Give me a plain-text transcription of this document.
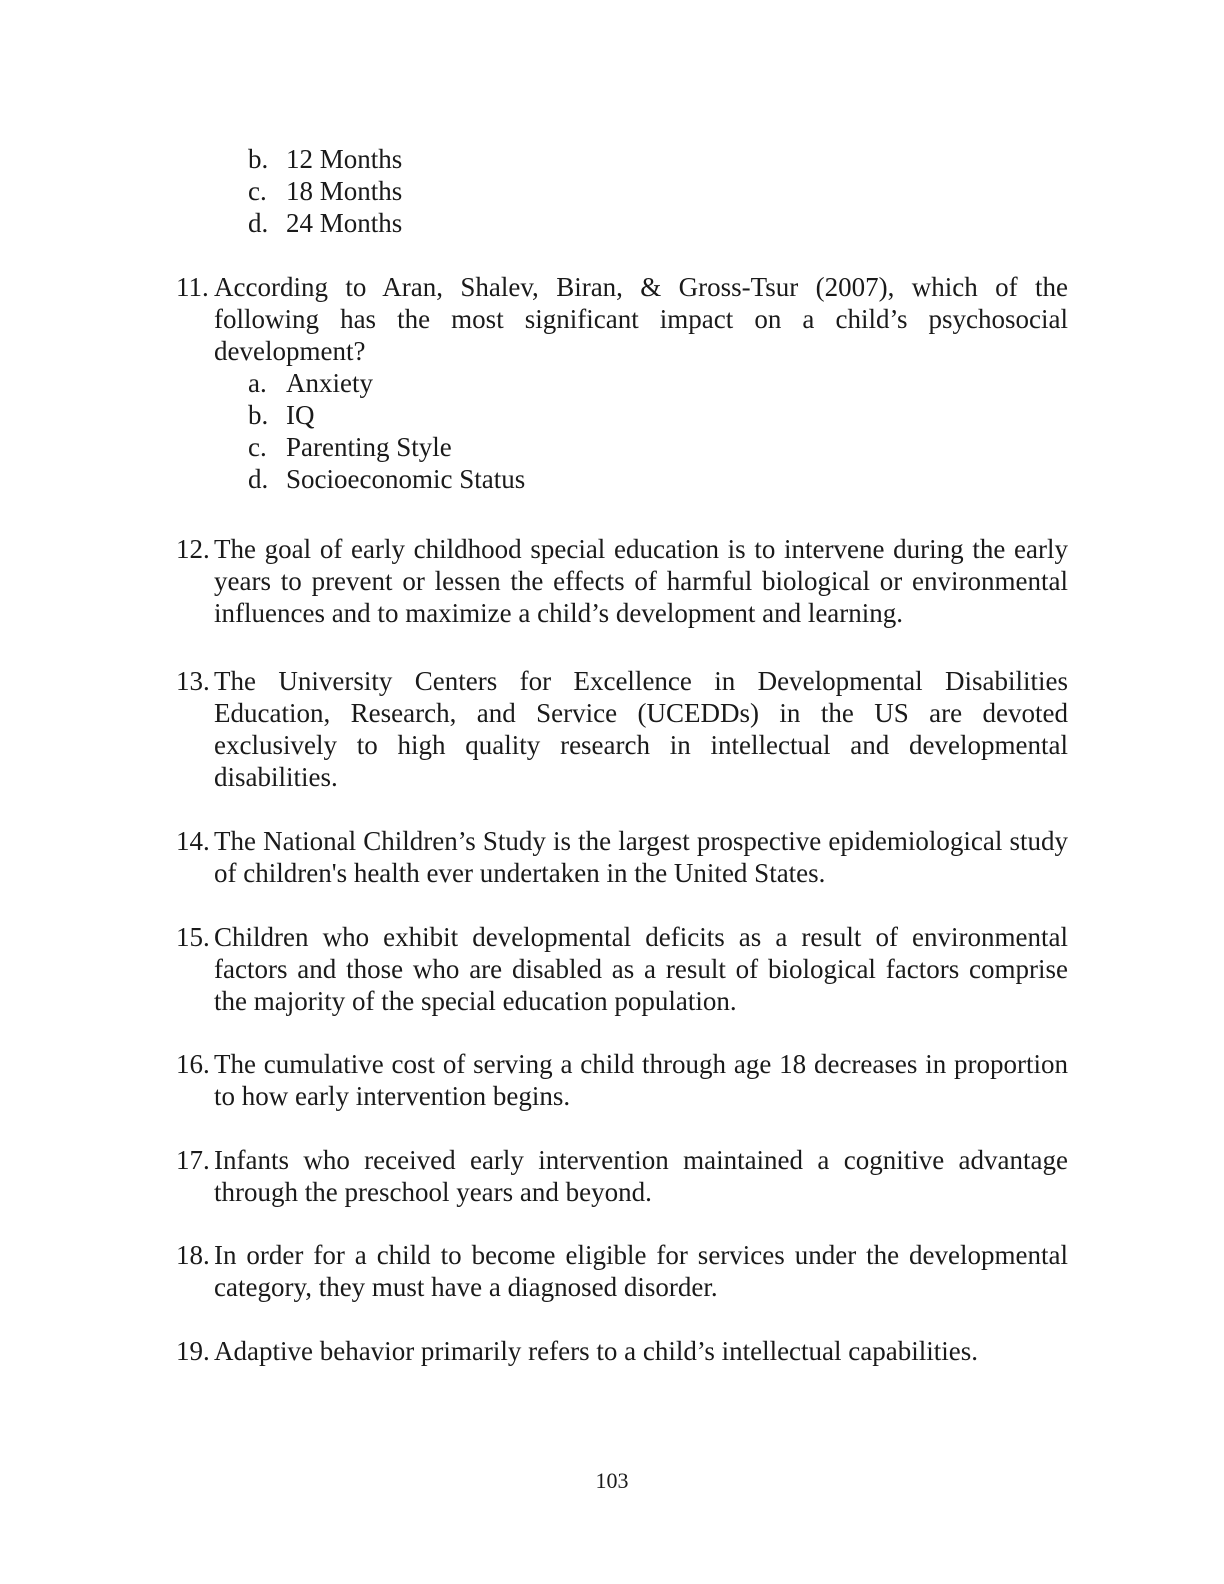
b. 12 Months
c. 18 Months
d. 24 Months
11. According to Aran, Shalev, Biran, & Gross-Tsur (2007), which of the following has the most significant impact on a child’s psychosocial development?
a. Anxiety
b. IQ
c. Parenting Style
d. Socioeconomic Status
12. The goal of early childhood special education is to intervene during the early years to prevent or lessen the effects of harmful biological or environmental influences and to maximize a child’s development and learning.
13. The University Centers for Excellence in Developmental Disabilities Education, Research, and Service (UCEDDs) in the US are devoted exclusively to high quality research in intellectual and developmental disabilities.
14. The National Children’s Study is the largest prospective epidemiological study of children's health ever undertaken in the United States.
15. Children who exhibit developmental deficits as a result of environmental factors and those who are disabled as a result of biological factors comprise the majority of the special education population.
16. The cumulative cost of serving a child through age 18 decreases in proportion to how early intervention begins.
17. Infants who received early intervention maintained a cognitive advantage through the preschool years and beyond.
18. In order for a child to become eligible for services under the developmental category, they must have a diagnosed disorder.
19. Adaptive behavior primarily refers to a child’s intellectual capabilities.
103
